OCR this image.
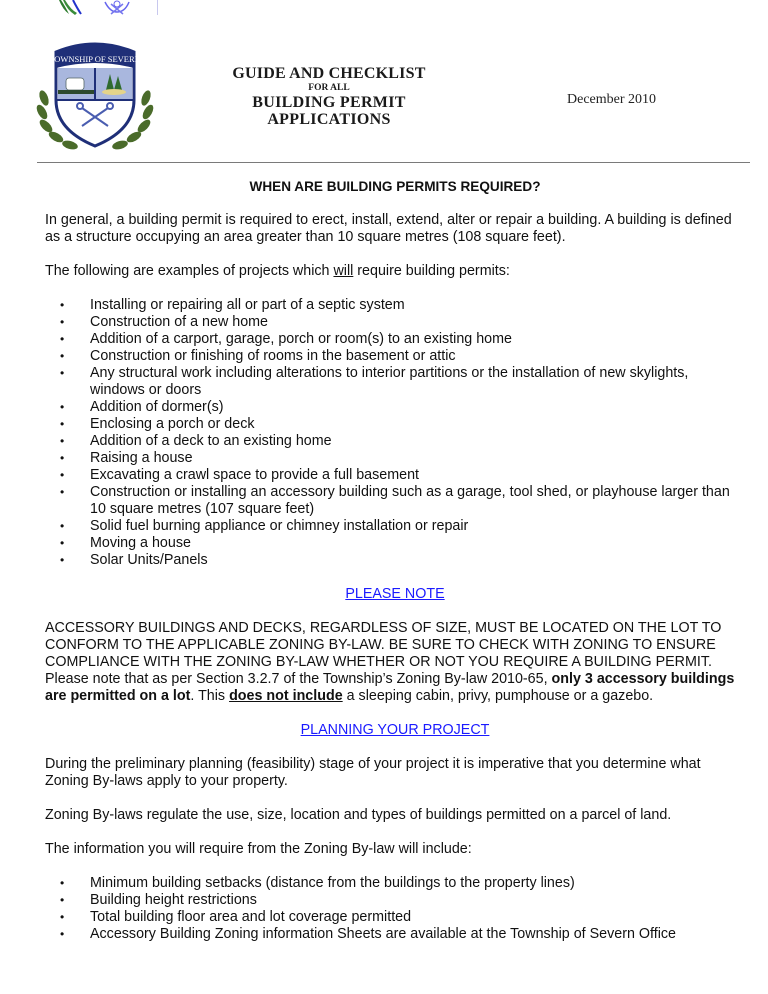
TOWNSHIP OF SEVERN
GUIDE AND CHECKLIST
FOR ALL
BUILDING PERMIT
APPLICATIONS
December 2010
WHEN ARE BUILDING PERMITS REQUIRED?

In general, a building permit is required to erect, install, extend, alter or repair a building. A building is defined as a structure occupying an area greater than 10 square metres (108 square feet).

The following are examples of projects which will require building permits:

• Installing or repairing all or part of a septic system
• Construction of a new home
• Addition of a carport, garage, porch or room(s) to an existing home
• Construction or finishing of rooms in the basement or attic
• Any structural work including alterations to interior partitions or the installation of new skylights, windows or doors
• Addition of dormer(s)
• Enclosing a porch or deck
• Addition of a deck to an existing home
• Raising a house
• Excavating a crawl space to provide a full basement
• Construction or installing an accessory building such as a garage, tool shed, or playhouse larger than 10 square metres (107 square feet)
• Solid fuel burning appliance or chimney installation or repair
• Moving a house
• Solar Units/Panels
PLEASE NOTE

ACCESSORY BUILDINGS AND DECKS, REGARDLESS OF SIZE, MUST BE LOCATED ON THE LOT TO CONFORM TO THE APPLICABLE ZONING BY-LAW. BE SURE TO CHECK WITH ZONING TO ENSURE COMPLIANCE WITH THE ZONING BY-LAW WHETHER OR NOT YOU REQUIRE A BUILDING PERMIT. Please note that as per Section 3.2.7 of the Township’s Zoning By-law 2010-65, only 3 accessory buildings are permitted on a lot. This does not include a sleeping cabin, privy, pumphouse or a gazebo.

PLANNING YOUR PROJECT

During the preliminary planning (feasibility) stage of your project it is imperative that you determine what Zoning By-laws apply to your property.

Zoning By-laws regulate the use, size, location and types of buildings permitted on a parcel of land.

The information you will require from the Zoning By-law will include:

• Minimum building setbacks (distance from the buildings to the property lines)
• Building height restrictions
• Total building floor area and lot coverage permitted
• Accessory Building Zoning information Sheets are available at the Township of Severn Office
